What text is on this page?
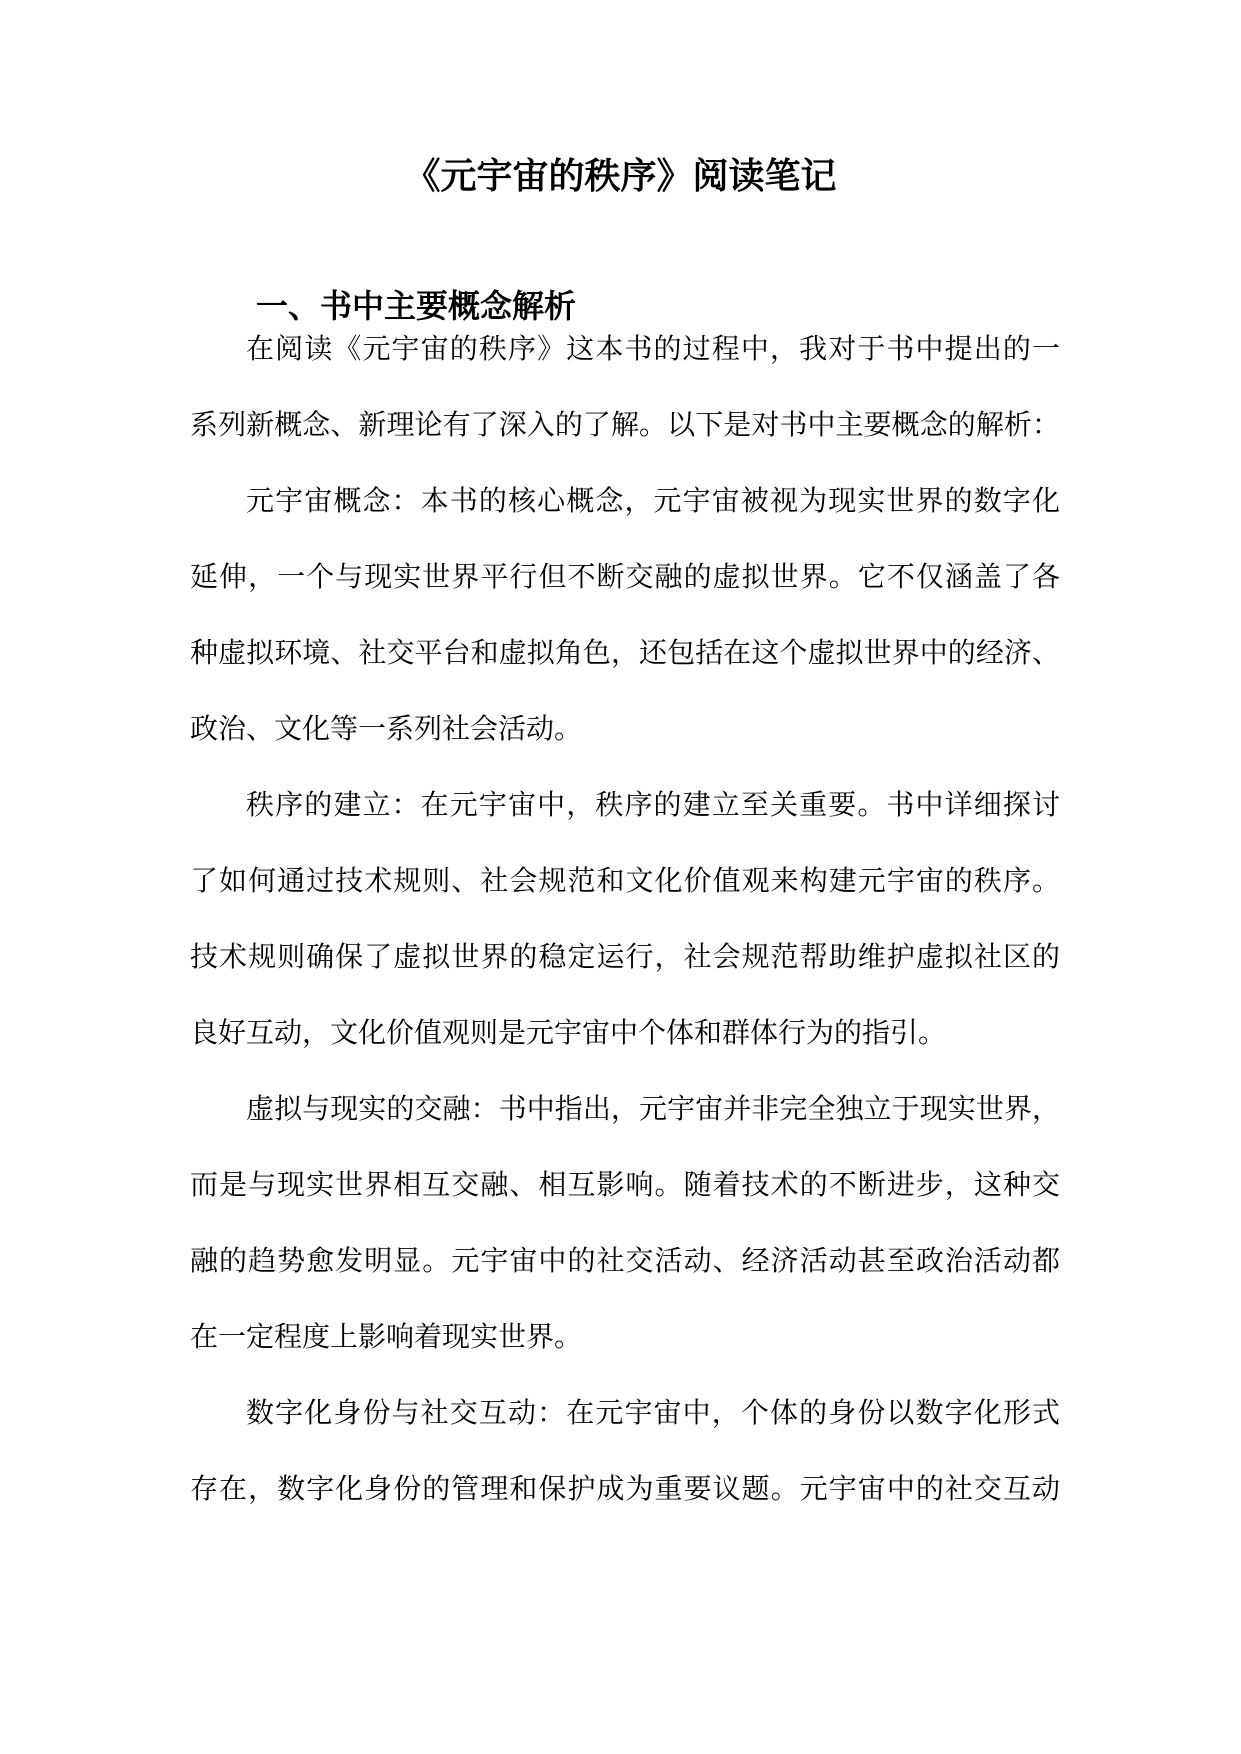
《元宇宙的秩序》阅读笔记
一、书中主要概念解析

在阅读《元宇宙的秩序》这本书的过程中，我对于书中提出的一

系列新概念、新理论有了深入的了解。以下是对书中主要概念的解析：

元宇宙概念：本书的核心概念，元宇宙被视为现实世界的数字化

延伸，一个与现实世界平行但不断交融的虚拟世界。它不仅涵盖了各

种虚拟环境、社交平台和虚拟角色，还包括在这个虚拟世界中的经济、

政治、文化等一系列社会活动。

秩序的建立：在元宇宙中，秩序的建立至关重要。书中详细探讨

了如何通过技术规则、社会规范和文化价值观来构建元宇宙的秩序。

技术规则确保了虚拟世界的稳定运行，社会规范帮助维护虚拟社区的

良好互动，文化价值观则是元宇宙中个体和群体行为的指引。

虚拟与现实的交融：书中指出，元宇宙并非完全独立于现实世界，

而是与现实世界相互交融、相互影响。随着技术的不断进步，这种交

融的趋势愈发明显。元宇宙中的社交活动、经济活动甚至政治活动都

在一定程度上影响着现实世界。

数字化身份与社交互动：在元宇宙中，个体的身份以数字化形式

存在，数字化身份的管理和保护成为重要议题。元宇宙中的社交互动
